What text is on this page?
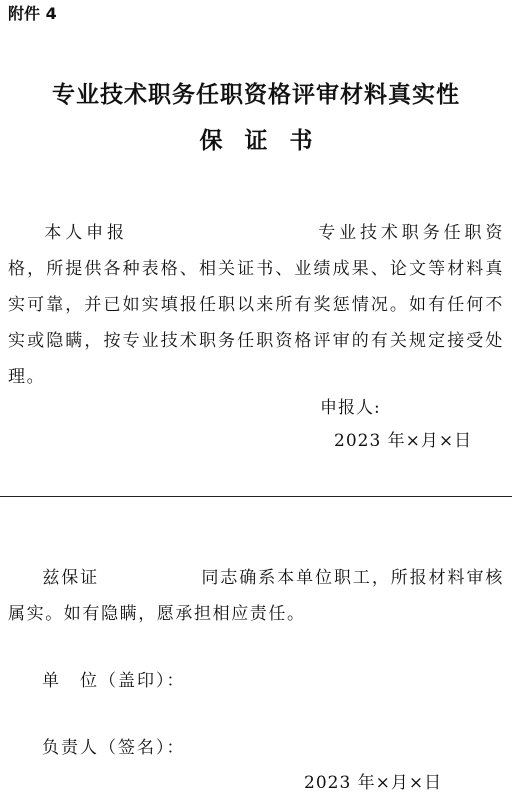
附件 4
专业技术职务任职资格评审材料真实性
保证书
本人申报	专业技术职务任职资格，所提供各种表格、相关证书、业绩成果、论文等材料真实可靠，并已如实填报任职以来所有奖惩情况。如有任何不实或隐瞒，按专业技术职务任职资格评审的有关规定接受处理。
申报人:
2023 年×月×日
兹保证	同志确系本单位职工，所报材料审核属实。如有隐瞒，愿承担相应责任。
单　位（盖印）：
负责人（签名）：
2023 年×月×日
